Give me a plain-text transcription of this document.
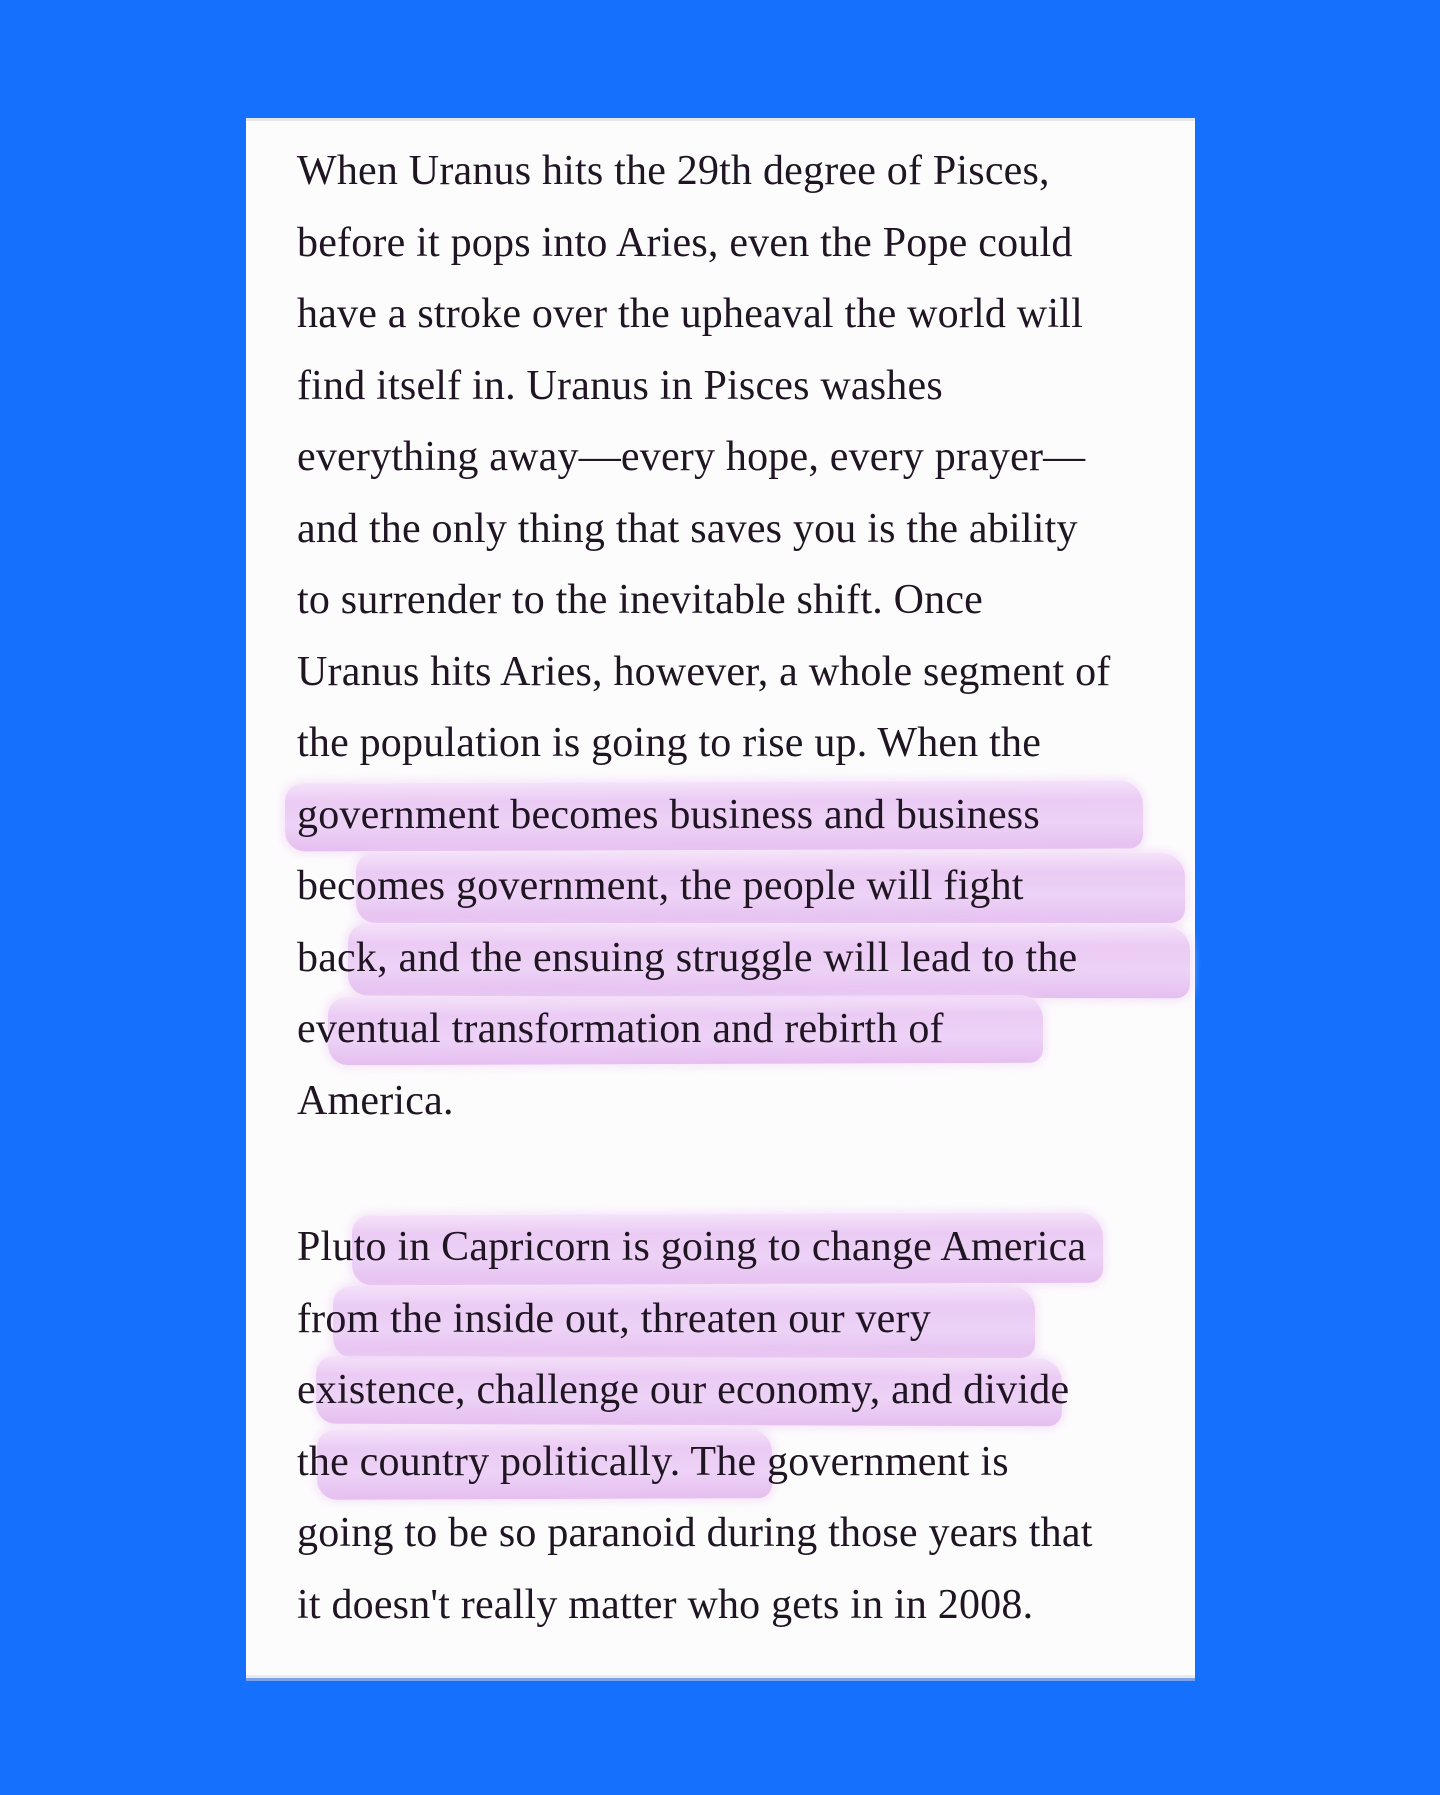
When Uranus hits the 29th degree of Pisces,
before it pops into Aries, even the Pope could
have a stroke over the upheaval the world will
find itself in. Uranus in Pisces washes
everything away—every hope, every prayer—
and the only thing that saves you is the ability
to surrender to the inevitable shift. Once
Uranus hits Aries, however, a whole segment of
the population is going to rise up. When the
government becomes business and business
becomes government, the people will fight
back, and the ensuing struggle will lead to the
eventual transformation and rebirth of
America.
Pluto in Capricorn is going to change America
from the inside out, threaten our very
existence, challenge our economy, and divide
the country politically. The government is
going to be so paranoid during those years that
it doesn't really matter who gets in in 2008.
